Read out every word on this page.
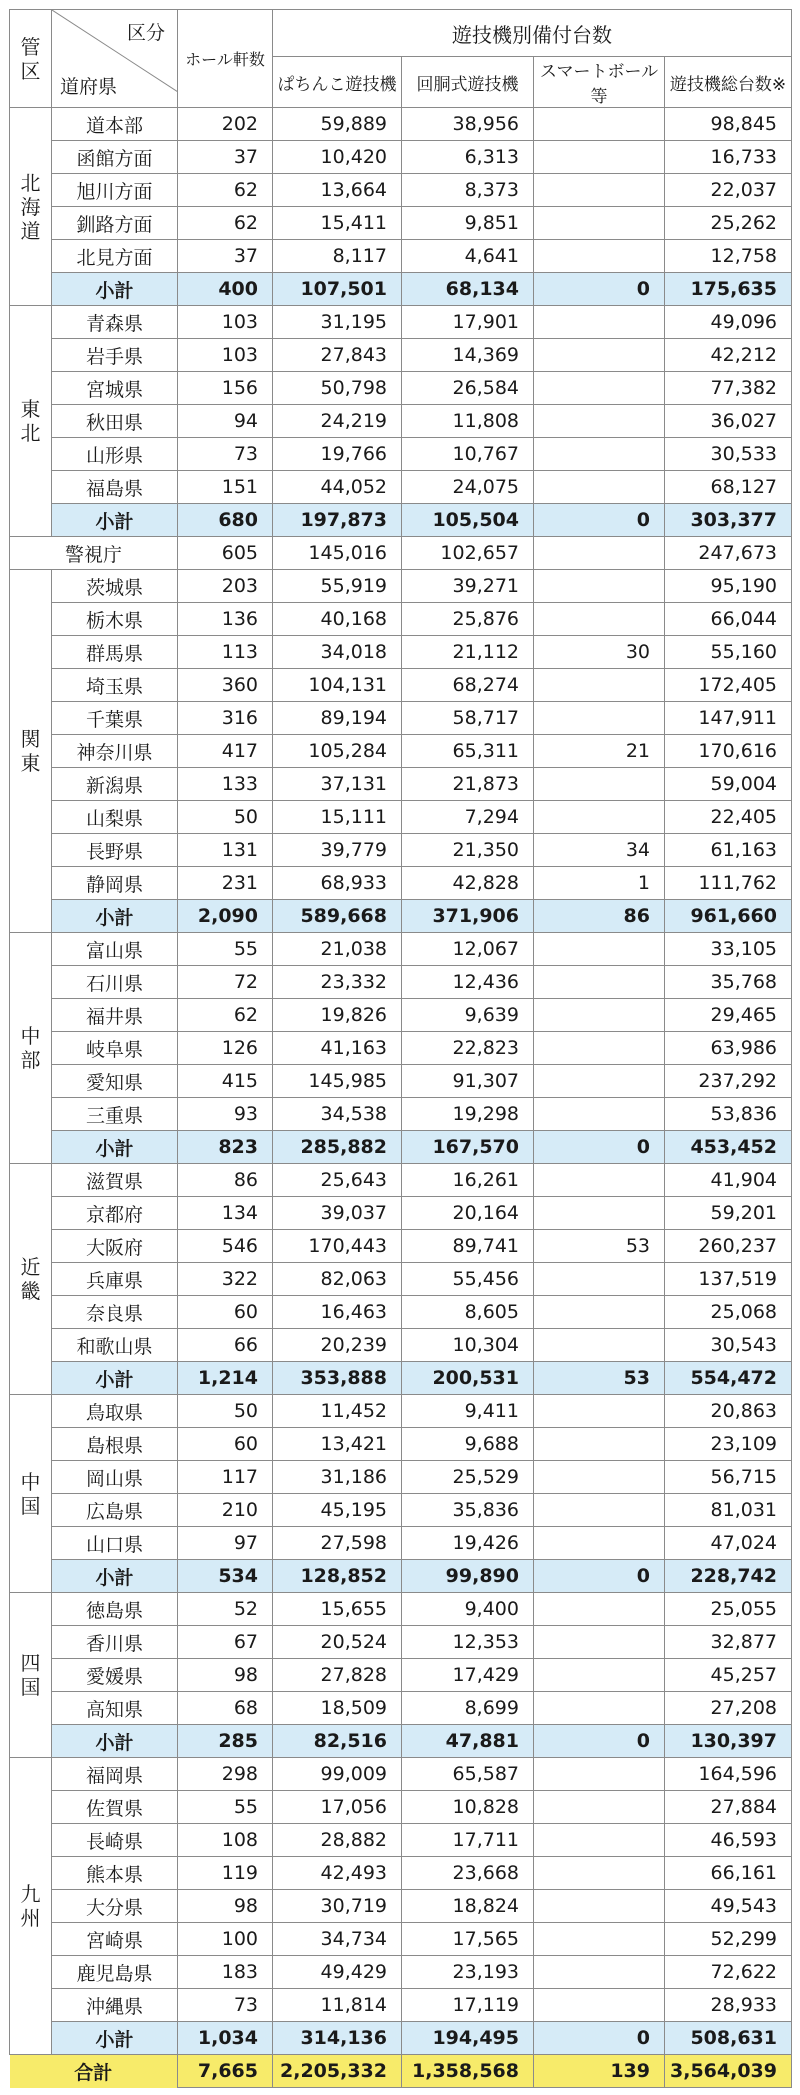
管
区	区分
道府県	ホール軒数	遊技機別備付台数			
			ぱちんこ遊技機	回胴式遊技機	スマートボール等	遊技機総台数※

北
海
道	道本部	202	59,889	38,956		98,845
	函館方面	37	10,420	6,313		16,733
	旭川方面	62	13,664	8,373		22,037
	釧路方面	62	15,411	9,851		25,262
	北見方面	37	8,117	4,641		12,758
	小計	400	107,501	68,134	0	175,635

東
北	青森県	103	31,195	17,901		49,096
	岩手県	103	27,843	14,369		42,212
	宮城県	156	50,798	26,584		77,382
	秋田県	94	24,219	11,808		36,027
	山形県	73	19,766	10,767		30,533
	福島県	151	44,052	24,075		68,127
	小計	680	197,873	105,504	0	303,377
警視庁		605	145,016	102,657		247,673

関
東	茨城県	203	55,919	39,271		95,190
	栃木県	136	40,168	25,876		66,044
	群馬県	113	34,018	21,112	30	55,160
	埼玉県	360	104,131	68,274		172,405
	千葉県	316	89,194	58,717		147,911
	神奈川県	417	105,284	65,311	21	170,616
	新潟県	133	37,131	21,873		59,004
	山梨県	50	15,111	7,294		22,405
	長野県	131	39,779	21,350	34	61,163
	静岡県	231	68,933	42,828	1	111,762
	小計	2,090	589,668	371,906	86	961,660

中
部	富山県	55	21,038	12,067		33,105
	石川県	72	23,332	12,436		35,768
	福井県	62	19,826	9,639		29,465
	岐阜県	126	41,163	22,823		63,986
	愛知県	415	145,985	91,307		237,292
	三重県	93	34,538	19,298		53,836
	小計	823	285,882	167,570	0	453,452

近
畿	滋賀県	86	25,643	16,261		41,904
	京都府	134	39,037	20,164		59,201
	大阪府	546	170,443	89,741	53	260,237
	兵庫県	322	82,063	55,456		137,519
	奈良県	60	16,463	8,605		25,068
	和歌山県	66	20,239	10,304		30,543
	小計	1,214	353,888	200,531	53	554,472

中
国	鳥取県	50	11,452	9,411		20,863
	島根県	60	13,421	9,688		23,109
	岡山県	117	31,186	25,529		56,715
	広島県	210	45,195	35,836		81,031
	山口県	97	27,598	19,426		47,024
	小計	534	128,852	99,890	0	228,742

四
国	徳島県	52	15,655	9,400		25,055
	香川県	67	20,524	12,353		32,877
	愛媛県	98	27,828	17,429		45,257
	高知県	68	18,509	8,699		27,208
	小計	285	82,516	47,881	0	130,397

九
州	福岡県	298	99,009	65,587		164,596
	佐賀県	55	17,056	10,828		27,884
	長崎県	108	28,882	17,711		46,593
	熊本県	119	42,493	23,668		66,161
	大分県	98	30,719	18,824		49,543
	宮崎県	100	34,734	17,565		52,299
	鹿児島県	183	49,429	23,193		72,622
	沖縄県	73	11,814	17,119		28,933
	小計	1,034	314,136	194,495	0	508,631
合計		7,665	2,205,332	1,358,568	139	3,564,039
